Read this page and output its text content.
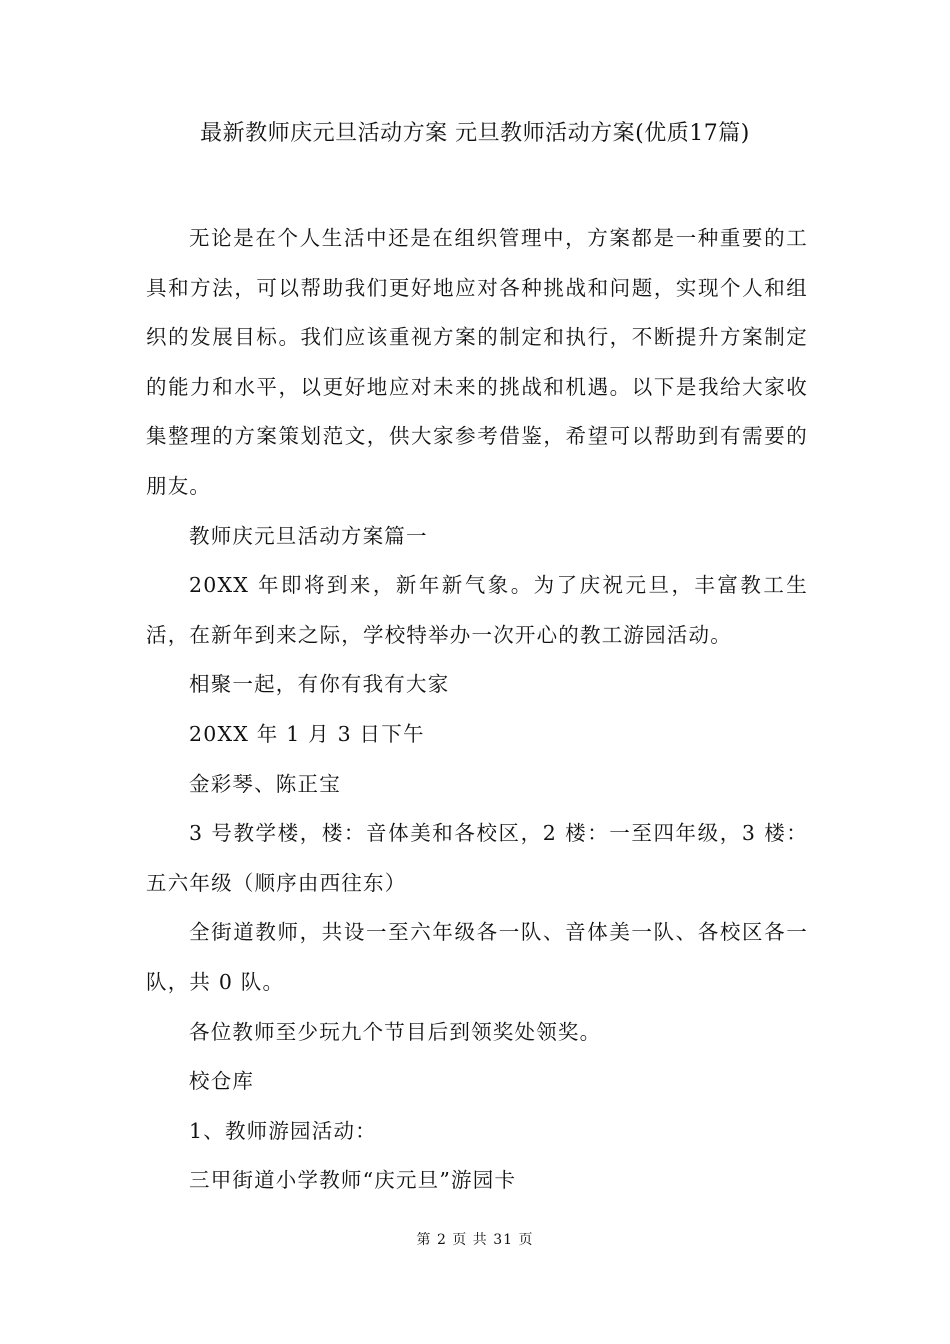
最新教师庆元旦活动方案 元旦教师活动方案(优质17篇)

无论是在个人生活中还是在组织管理中，方案都是一种重要的工具和方法，可以帮助我们更好地应对各种挑战和问题，实现个人和组织的发展目标。我们应该重视方案的制定和执行，不断提升方案制定的能力和水平，以更好地应对未来的挑战和机遇。以下是我给大家收集整理的方案策划范文，供大家参考借鉴，希望可以帮助到有需要的朋友。

教师庆元旦活动方案篇一

20XX 年即将到来，新年新气象。为了庆祝元旦，丰富教工生活，在新年到来之际，学校特举办一次开心的教工游园活动。

相聚一起，有你有我有大家

20XX 年 1 月 3 日下午

金彩琴、陈正宝

3 号教学楼，楼：音体美和各校区，2 楼：一至四年级，3 楼：五六年级（顺序由西往东）

全街道教师，共设一至六年级各一队、音体美一队、各校区各一队，共 0 队。

各位教师至少玩九个节目后到领奖处领奖。

校仓库

1、教师游园活动：

三甲街道小学教师“庆元旦”游园卡

第 2 页 共 31 页
